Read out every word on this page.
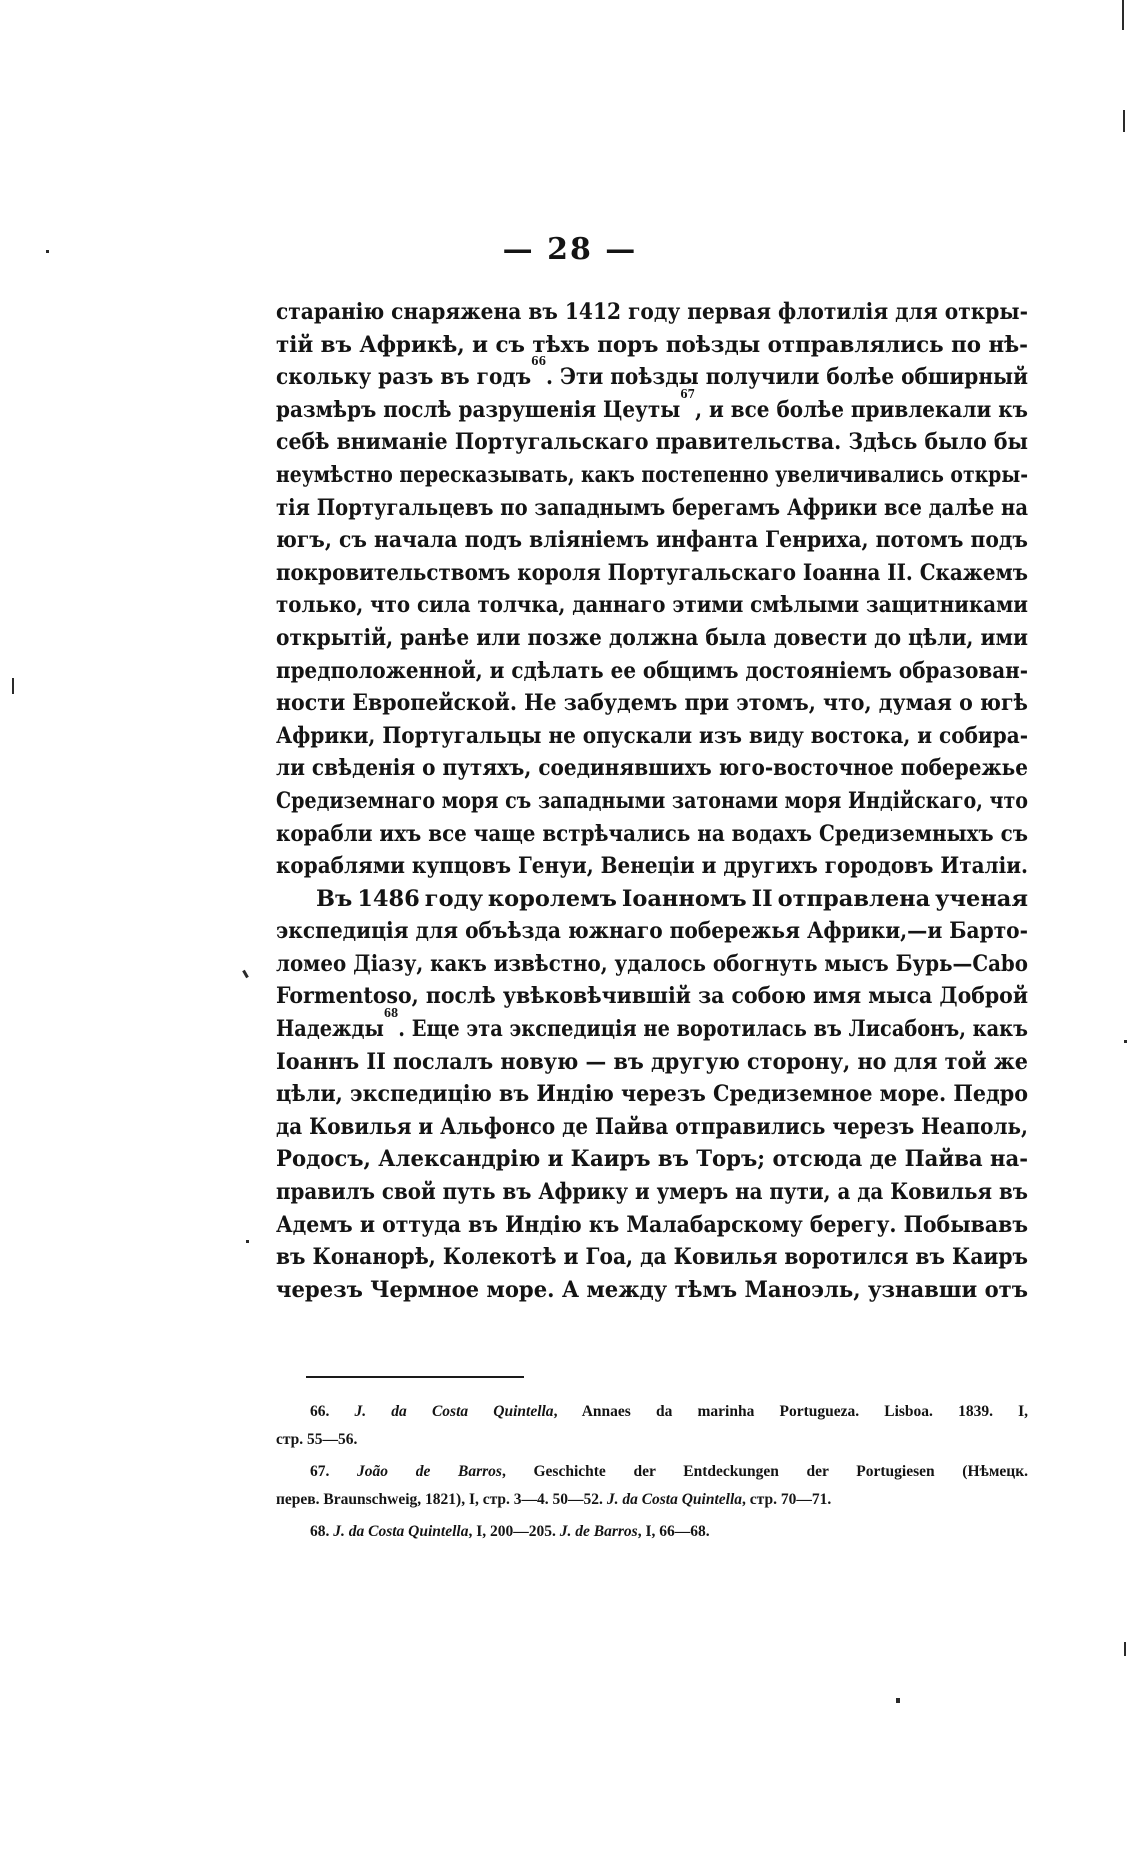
— 28 —
старанію снаряжена въ 1412 году первая флотилія для откры-
тій въ Африкѣ, и съ тѣхъ поръ поѣзды отправлялись по нѣ-
скольку разъ въ годъ
66
. Эти поѣзды получили болѣе обширный
размѣръ послѣ разрушенія Цеуты
67
, и все болѣе привлекали къ
себѣ вниманіе Португальскаго правительства. Здѣсь было бы
неумѣстно пересказывать, какъ постепенно увеличивались откры-
тія Португальцевъ по западнымъ берегамъ Африки все далѣе на
югъ, съ начала подъ вліяніемъ инфанта Генриха, потомъ подъ
покровительствомъ короля Португальскаго Іоанна II. Скажемъ
только, что сила толчка, даннаго этими смѣлыми защитниками
открытій, ранѣе или позже должна была довести до цѣли, ими
предположенной, и сдѣлать ее общимъ достояніемъ образован-
ности Европейской. Не забудемъ при этомъ, что, думая о югѣ
Африки, Португальцы не опускали изъ виду востока, и собира-
ли свѣденія о путяхъ, соединявшихъ юго-восточное побережье
Средиземнаго моря съ западными затонами моря Индійскаго, что
корабли ихъ все чаще встрѣчались на водахъ Средиземныхъ съ
кораблями купцовъ Генуи, Венеціи и другихъ городовъ Италіи.
Въ 1486 году королемъ Іоанномъ II отправлена ученая
экспедиція для объѣзда южнаго побережья Африки,—и Барто-
ломео Діазу, какъ извѣстно, удалось обогнуть мысъ Бурь—Cabo
Formentoso, послѣ увѣковѣчившій за собою имя мыса Доброй
Надежды
68
. Еще эта экспедиція не воротилась въ Лисабонъ, какъ
Іоаннъ II послалъ новую — въ другую сторону, но для той же
цѣли, экспедицію въ Индію черезъ Средиземное море. Педро
да Ковилья и Альфонсо де Пайва отправились черезъ Неаполь,
Родосъ, Александрію и Каиръ въ Торъ; отсюда де Пайва на-
правилъ свой путь въ Африку и умеръ на пути, а да Ковилья въ
Адемъ и оттуда въ Индію къ Малабарскому берегу. Побывавъ
въ Конанорѣ, Колекотѣ и Гоа, да Ковилья воротился въ Каиръ
черезъ Чермное море. А между тѣмъ Маноэль, узнавши отъ
66. J. da Costa Quintella, Annaes da marinha Portugueza. Lisboa. 1839. I,
стр. 55—56.
67. João de Barros, Geschichte der Entdeckungen der Portugiesen (Нѣмецк.
перев. Braunschweig, 1821), I, стр. 3—4. 50—52. J. da Costa Quintella, стр. 70—71.
68. J. da Costa Quintella, I, 200—205. J. de Barros, I, 66—68.
